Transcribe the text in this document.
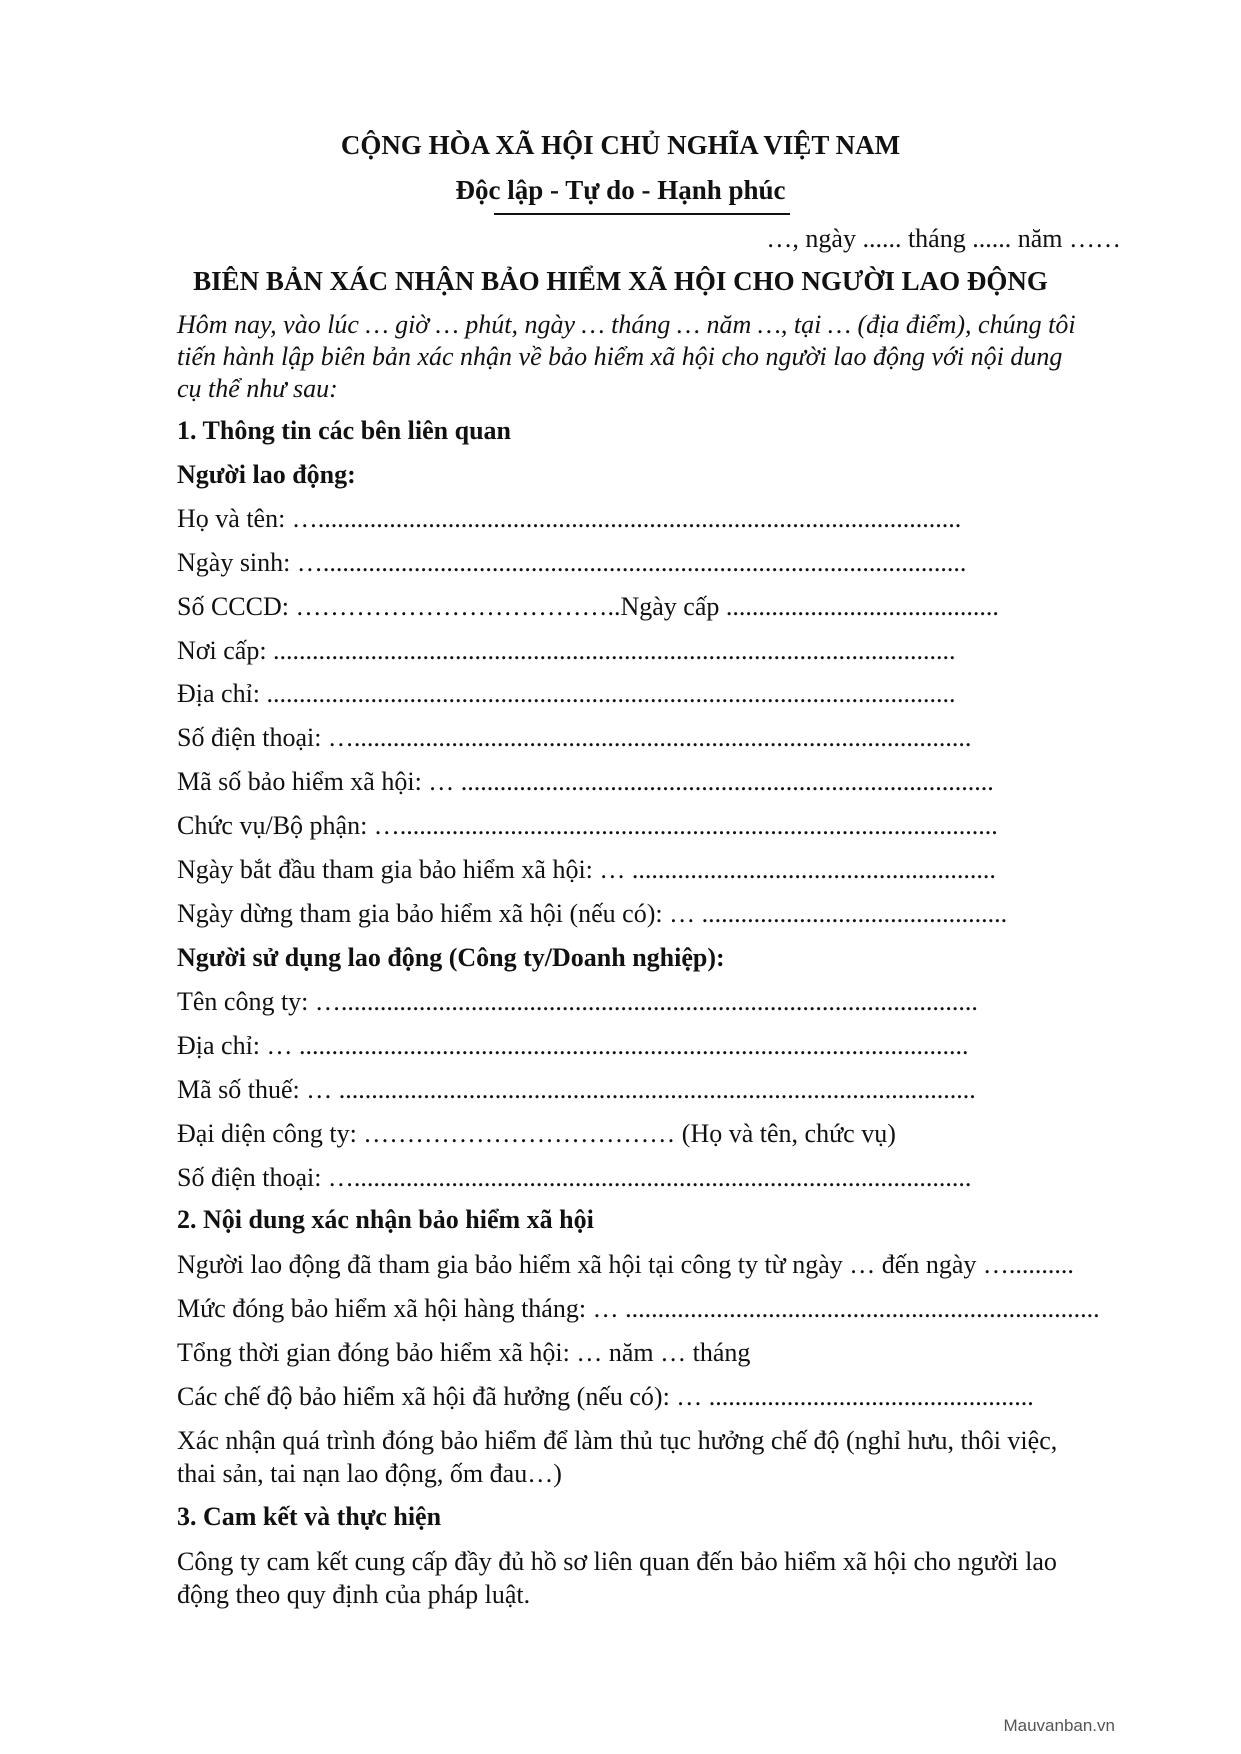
CỘNG HÒA XÃ HỘI CHỦ NGHĨA VIỆT NAM
Độc lập - Tự do - Hạnh phúc
…, ngày ...... tháng ...... năm ……
BIÊN BẢN XÁC NHẬN BẢO HIỂM XÃ HỘI CHO NGƯỜI LAO ĐỘNG
Hôm nay, vào lúc … giờ … phút, ngày … tháng … năm …, tại … (địa điểm), chúng tôi
tiến hành lập biên bản xác nhận về bảo hiểm xã hội cho người lao động với nội dung
cụ thể như sau:
1. Thông tin các bên liên quan
Người lao động:
Họ và tên: …...................................................................................................
Ngày sinh: …...................................................................................................
Số CCCD: ………………………………..Ngày cấp ..........................................
Nơi cấp: .........................................................................................................
Địa chỉ: ..........................................................................................................
Số điện thoại: …...............................................................................................
Mã số bảo hiểm xã hội: … ..................................................................................
Chức vụ/Bộ phận: …............................................................................................
Ngày bắt đầu tham gia bảo hiểm xã hội: … ........................................................
Ngày dừng tham gia bảo hiểm xã hội (nếu có): … ...............................................
Người sử dụng lao động (Công ty/Doanh nghiệp):
Tên công ty: …..................................................................................................
Địa chỉ: … .......................................................................................................
Mã số thuế: … ..................................................................................................
Đại diện công ty: ……………………………… (Họ và tên, chức vụ)
Số điện thoại: …...............................................................................................
2. Nội dung xác nhận bảo hiểm xã hội
Người lao động đã tham gia bảo hiểm xã hội tại công ty từ ngày … đến ngày …..........
Mức đóng bảo hiểm xã hội hàng tháng: … .........................................................................
Tổng thời gian đóng bảo hiểm xã hội: … năm … tháng
Các chế độ bảo hiểm xã hội đã hưởng (nếu có): … ..................................................
Xác nhận quá trình đóng bảo hiểm để làm thủ tục hưởng chế độ (nghỉ hưu, thôi việc,
thai sản, tai nạn lao động, ốm đau…)
3. Cam kết và thực hiện
Công ty cam kết cung cấp đầy đủ hồ sơ liên quan đến bảo hiểm xã hội cho người lao
động theo quy định của pháp luật.
Mauvanban.vn
